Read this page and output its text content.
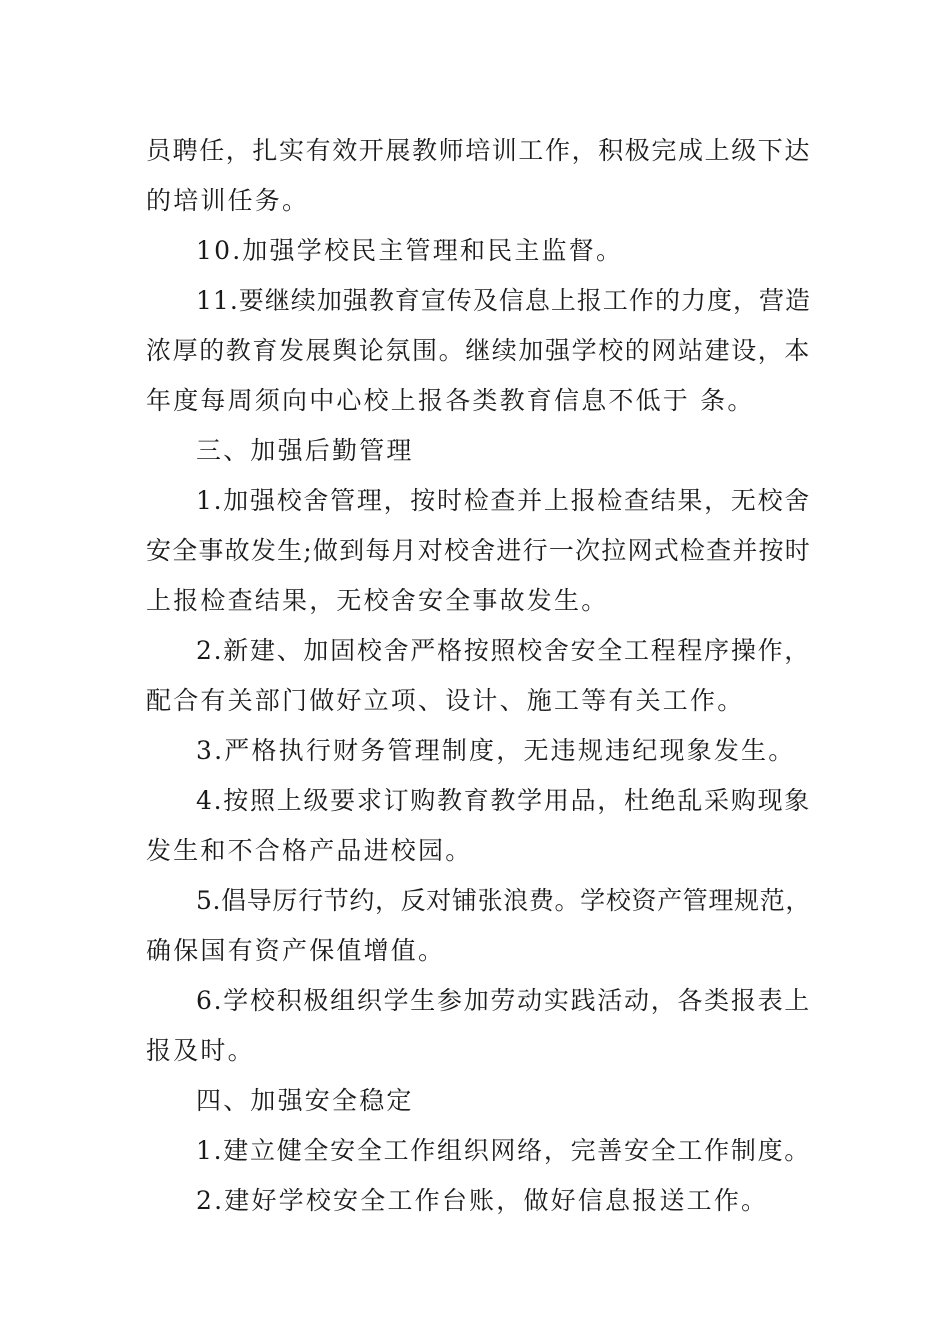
员聘任，扎实有效开展教师培训工作，积极完成上级下达
的培训任务。
10.加强学校民主管理和民主监督。
11.要继续加强教育宣传及信息上报工作的力度，营造
浓厚的教育发展舆论氛围。继续加强学校的网站建设，本
年度每周须向中心校上报各类教育信息不低于 条。
三、加强后勤管理
1.加强校舍管理，按时检查并上报检查结果，无校舍
安全事故发生;做到每月对校舍进行一次拉网式检查并按时
上报检查结果，无校舍安全事故发生。
2.新建、加固校舍严格按照校舍安全工程程序操作，
配合有关部门做好立项、设计、施工等有关工作。
3.严格执行财务管理制度，无违规违纪现象发生。
4.按照上级要求订购教育教学用品，杜绝乱采购现象
发生和不合格产品进校园。
5.倡导厉行节约，反对铺张浪费。学校资产管理规范，
确保国有资产保值增值。
6.学校积极组织学生参加劳动实践活动，各类报表上
报及时。
四、加强安全稳定
1.建立健全安全工作组织网络，完善安全工作制度。
2.建好学校安全工作台账，做好信息报送工作。
